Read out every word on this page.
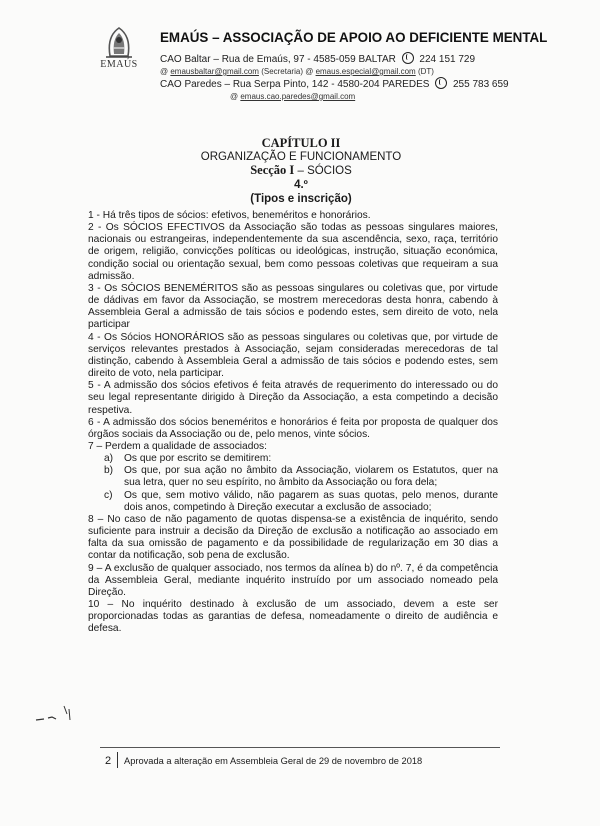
EMAÚS
EMAÚS – ASSOCIAÇÃO DE APOIO AO DEFICIENTE MENTAL
CAO Baltar – Rua de Emaús, 97 - 4585-059 BALTAR 224 151 729
@ emausbaltar@gmail.com (Secretaria) @ emaus.especial@gmail.com (DT)
CAO Paredes – Rua Serpa Pinto, 142 - 4580-204 PAREDES 255 783 659
@ emaus.cao.paredes@gmail.com
CAPÍTULO II
ORGANIZAÇÃO E FUNCIONAMENTO
Secção I – SÓCIOS
4.º
(Tipos e inscrição)

1 - Há três tipos de sócios: efetivos, beneméritos e honorários.

2 - Os SÓCIOS EFECTIVOS da Associação são todas as pessoas singulares maiores, nacionais ou estrangeiras, independentemente da sua ascendência, sexo, raça, território de origem, religião, convicções políticas ou ideológicas, instrução, situação económica, condição social ou orientação sexual, bem como pessoas coletivas que requeiram a sua admissão.

3 - Os SÓCIOS BENEMÉRITOS são as pessoas singulares ou coletivas que, por virtude de dádivas em favor da Associação, se mostrem merecedoras desta honra, cabendo à Assembleia Geral a admissão de tais sócios e podendo estes, sem direito de voto, nela participar

4 - Os Sócios HONORÁRIOS são as pessoas singulares ou coletivas que, por virtude de serviços relevantes prestados à Associação, sejam consideradas merecedoras de tal distinção, cabendo à Assembleia Geral a admissão de tais sócios e podendo estes, sem direito de voto, nela participar.

5 - A admissão dos sócios efetivos é feita através de requerimento do interessado ou do seu legal representante dirigido à Direção da Associação, a esta competindo a decisão respetiva.

6 - A admissão dos sócios beneméritos e honorários é feita por proposta de qualquer dos órgãos sociais da Associação ou de, pelo menos, vinte sócios.

7 – Perdem a qualidade de associados:

a)	Os que por escrito se demitirem:
b)	Os que, por sua ação no âmbito da Associação, violarem os Estatutos, quer na sua letra, quer no seu espírito, no âmbito da Associação ou fora dela;
c)	Os que, sem motivo válido, não pagarem as suas quotas, pelo menos, durante dois anos, competindo à Direção executar a exclusão de associado;

8 – No caso de não pagamento de quotas dispensa-se a existência de inquérito, sendo suficiente para instruir a decisão da Direção de exclusão a notificação ao associado em falta da sua omissão de pagamento e da possibilidade de regularização em 30 dias a contar da notificação, sob pena de exclusão.

9 – A exclusão de qualquer associado, nos termos da alínea b) do nº. 7, é da competência da Assembleia Geral, mediante inquérito instruído por um associado nomeado pela Direção.

10 – No inquérito destinado à exclusão de um associado, devem a este ser proporcionadas todas as garantias de defesa, nomeadamente o direito de audiência e defesa.

2 Aprovada a alteração em Assembleia Geral de 29 de novembro de 2018
